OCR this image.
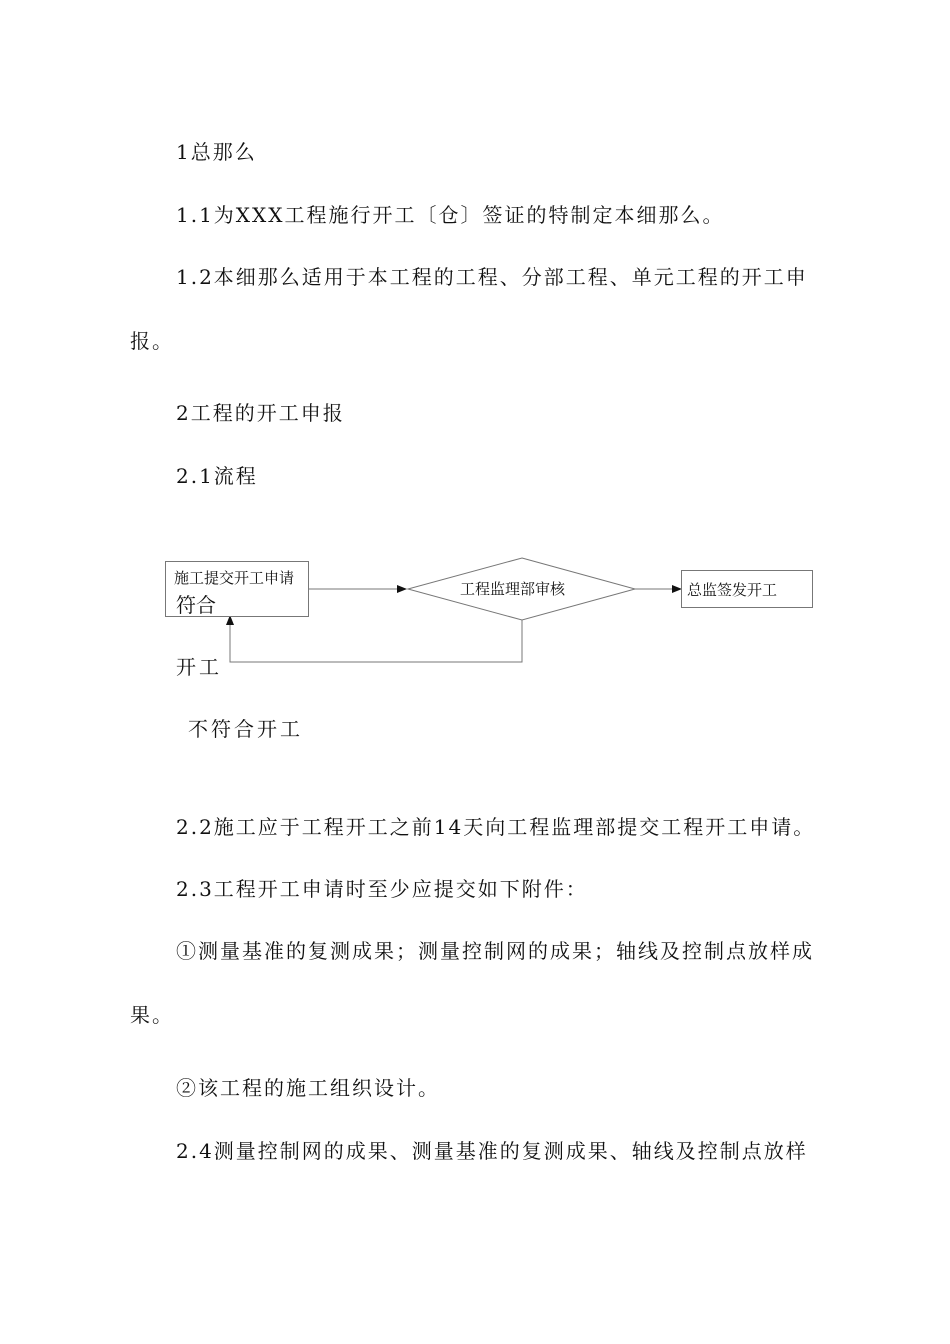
1总那么
1.1为XXX工程施行开工〔仓〕签证的特制定本细那么。
1.2本细那么适用于本工程的工程、分部工程、单元工程的开工申报。
2工程的开工申报
2.1流程
施工提交开工申请
符合
工程监理部审核	总监签发开工
开工
不符合开工
2.2施工应于工程开工之前14天向工程监理部提交工程开工申请。
2.3工程开工申请时至少应提交如下附件：
①测量基准的复测成果；测量控制网的成果；轴线及控制点放样成果。
②该工程的施工组织设计。
2.4测量控制网的成果、测量基准的复测成果、轴线及控制点放样
